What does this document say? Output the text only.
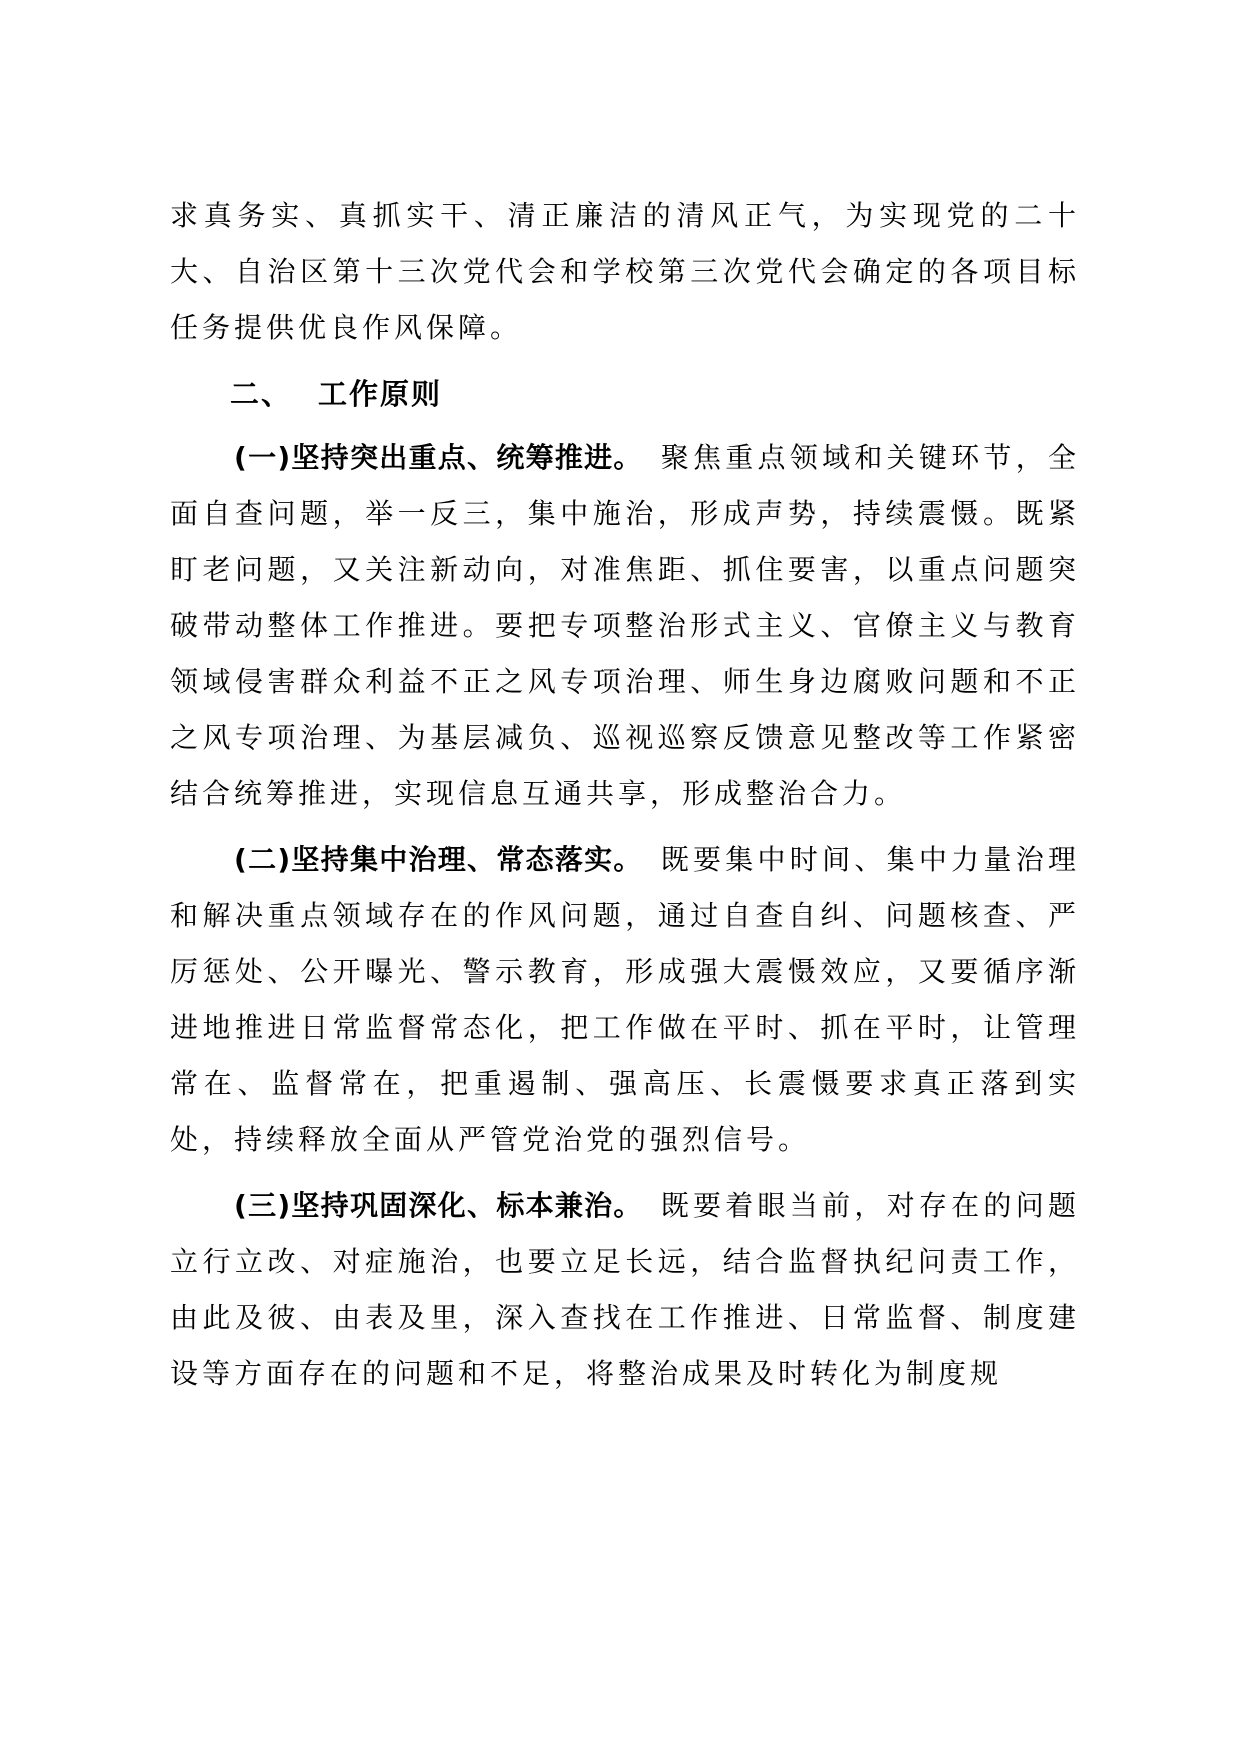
求真务实、真抓实干、清正廉洁的清风正气，为实现党的二十大、自治区第十三次党代会和学校第三次党代会确定的各项目标任务提供优良作风保障。

二、 工作原则

(一)坚持突出重点、统筹推进。 聚焦重点领域和关键环节，全面自查问题，举一反三，集中施治，形成声势，持续震慑。既紧盯老问题，又关注新动向，对准焦距、抓住要害，以重点问题突破带动整体工作推进。要把专项整治形式主义、官僚主义与教育领域侵害群众利益不正之风专项治理、师生身边腐败问题和不正之风专项治理、为基层减负、巡视巡察反馈意见整改等工作紧密结合统筹推进，实现信息互通共享，形成整治合力。

(二)坚持集中治理、常态落实。 既要集中时间、集中力量治理和解决重点领域存在的作风问题，通过自查自纠、问题核查、严厉惩处、公开曝光、警示教育，形成强大震慑效应，又要循序渐进地推进日常监督常态化，把工作做在平时、抓在平时，让管理常在、监督常在，把重遏制、强高压、长震慑要求真正落到实处，持续释放全面从严管党治党的强烈信号。

(三)坚持巩固深化、标本兼治。 既要着眼当前，对存在的问题立行立改、对症施治，也要立足长远，结合监督执纪问责工作，由此及彼、由表及里，深入查找在工作推进、日常监督、制度建设等方面存在的问题和不足，将整治成果及时转化为制度规
